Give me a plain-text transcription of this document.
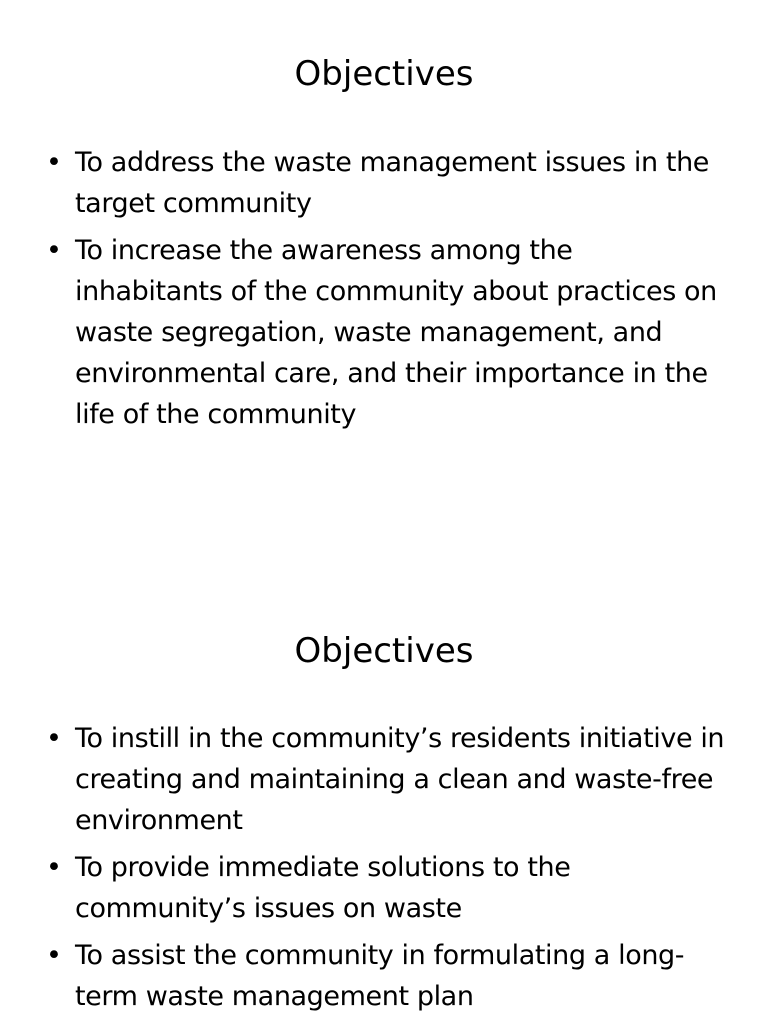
Objectives
• To address the waste management issues in the target community
• To increase the awareness among the inhabitants of the community about practices on waste segregation, waste management, and environmental care, and their importance in the life of the community
Objectives
• To instill in the community’s residents initiative in creating and maintaining a clean and waste-free environment
• To provide immediate solutions to the community’s issues on waste
• To assist the community in formulating a long-term waste management plan
